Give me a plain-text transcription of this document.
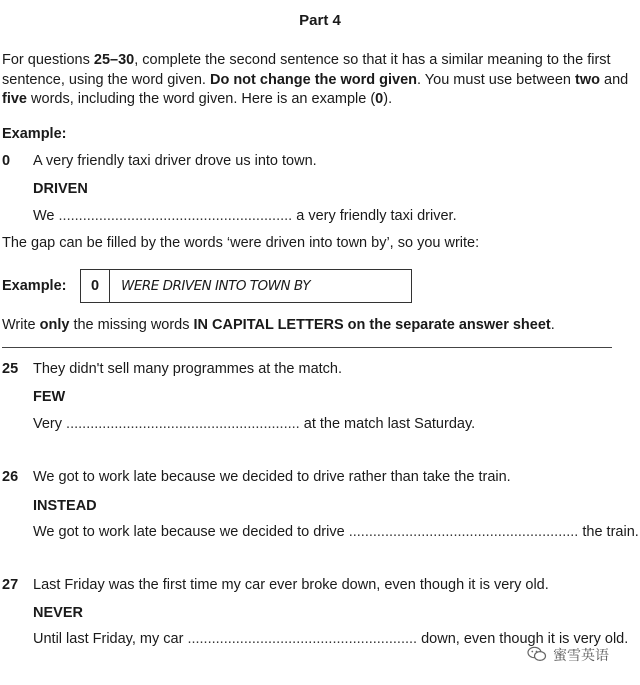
Part 4
For questions 25–30, complete the second sentence so that it has a similar meaning to the first
sentence, using the word given. Do not change the word given. You must use between two and
five words, including the word given. Here is an example (0).
Example:
0 A very friendly taxi driver drove us into town.
DRIVEN
We .......................................................... a very friendly taxi driver.
The gap can be filled by the words ‘were driven into town by’, so you write:
Example:	0	WERE DRIVEN INTO TOWN BY
Write only the missing words IN CAPITAL LETTERS on the separate answer sheet.
25 They didn't sell many programmes at the match.
FEW
Very .......................................................... at the match last Saturday.
26 We got to work late because we decided to drive rather than take the train.
INSTEAD
We got to work late because we decided to drive ......................................................... the train.
27 Last Friday was the first time my car ever broke down, even though it is very old.
NEVER
Until last Friday, my car ......................................................... down, even though it is very old.
蜜雪英语
